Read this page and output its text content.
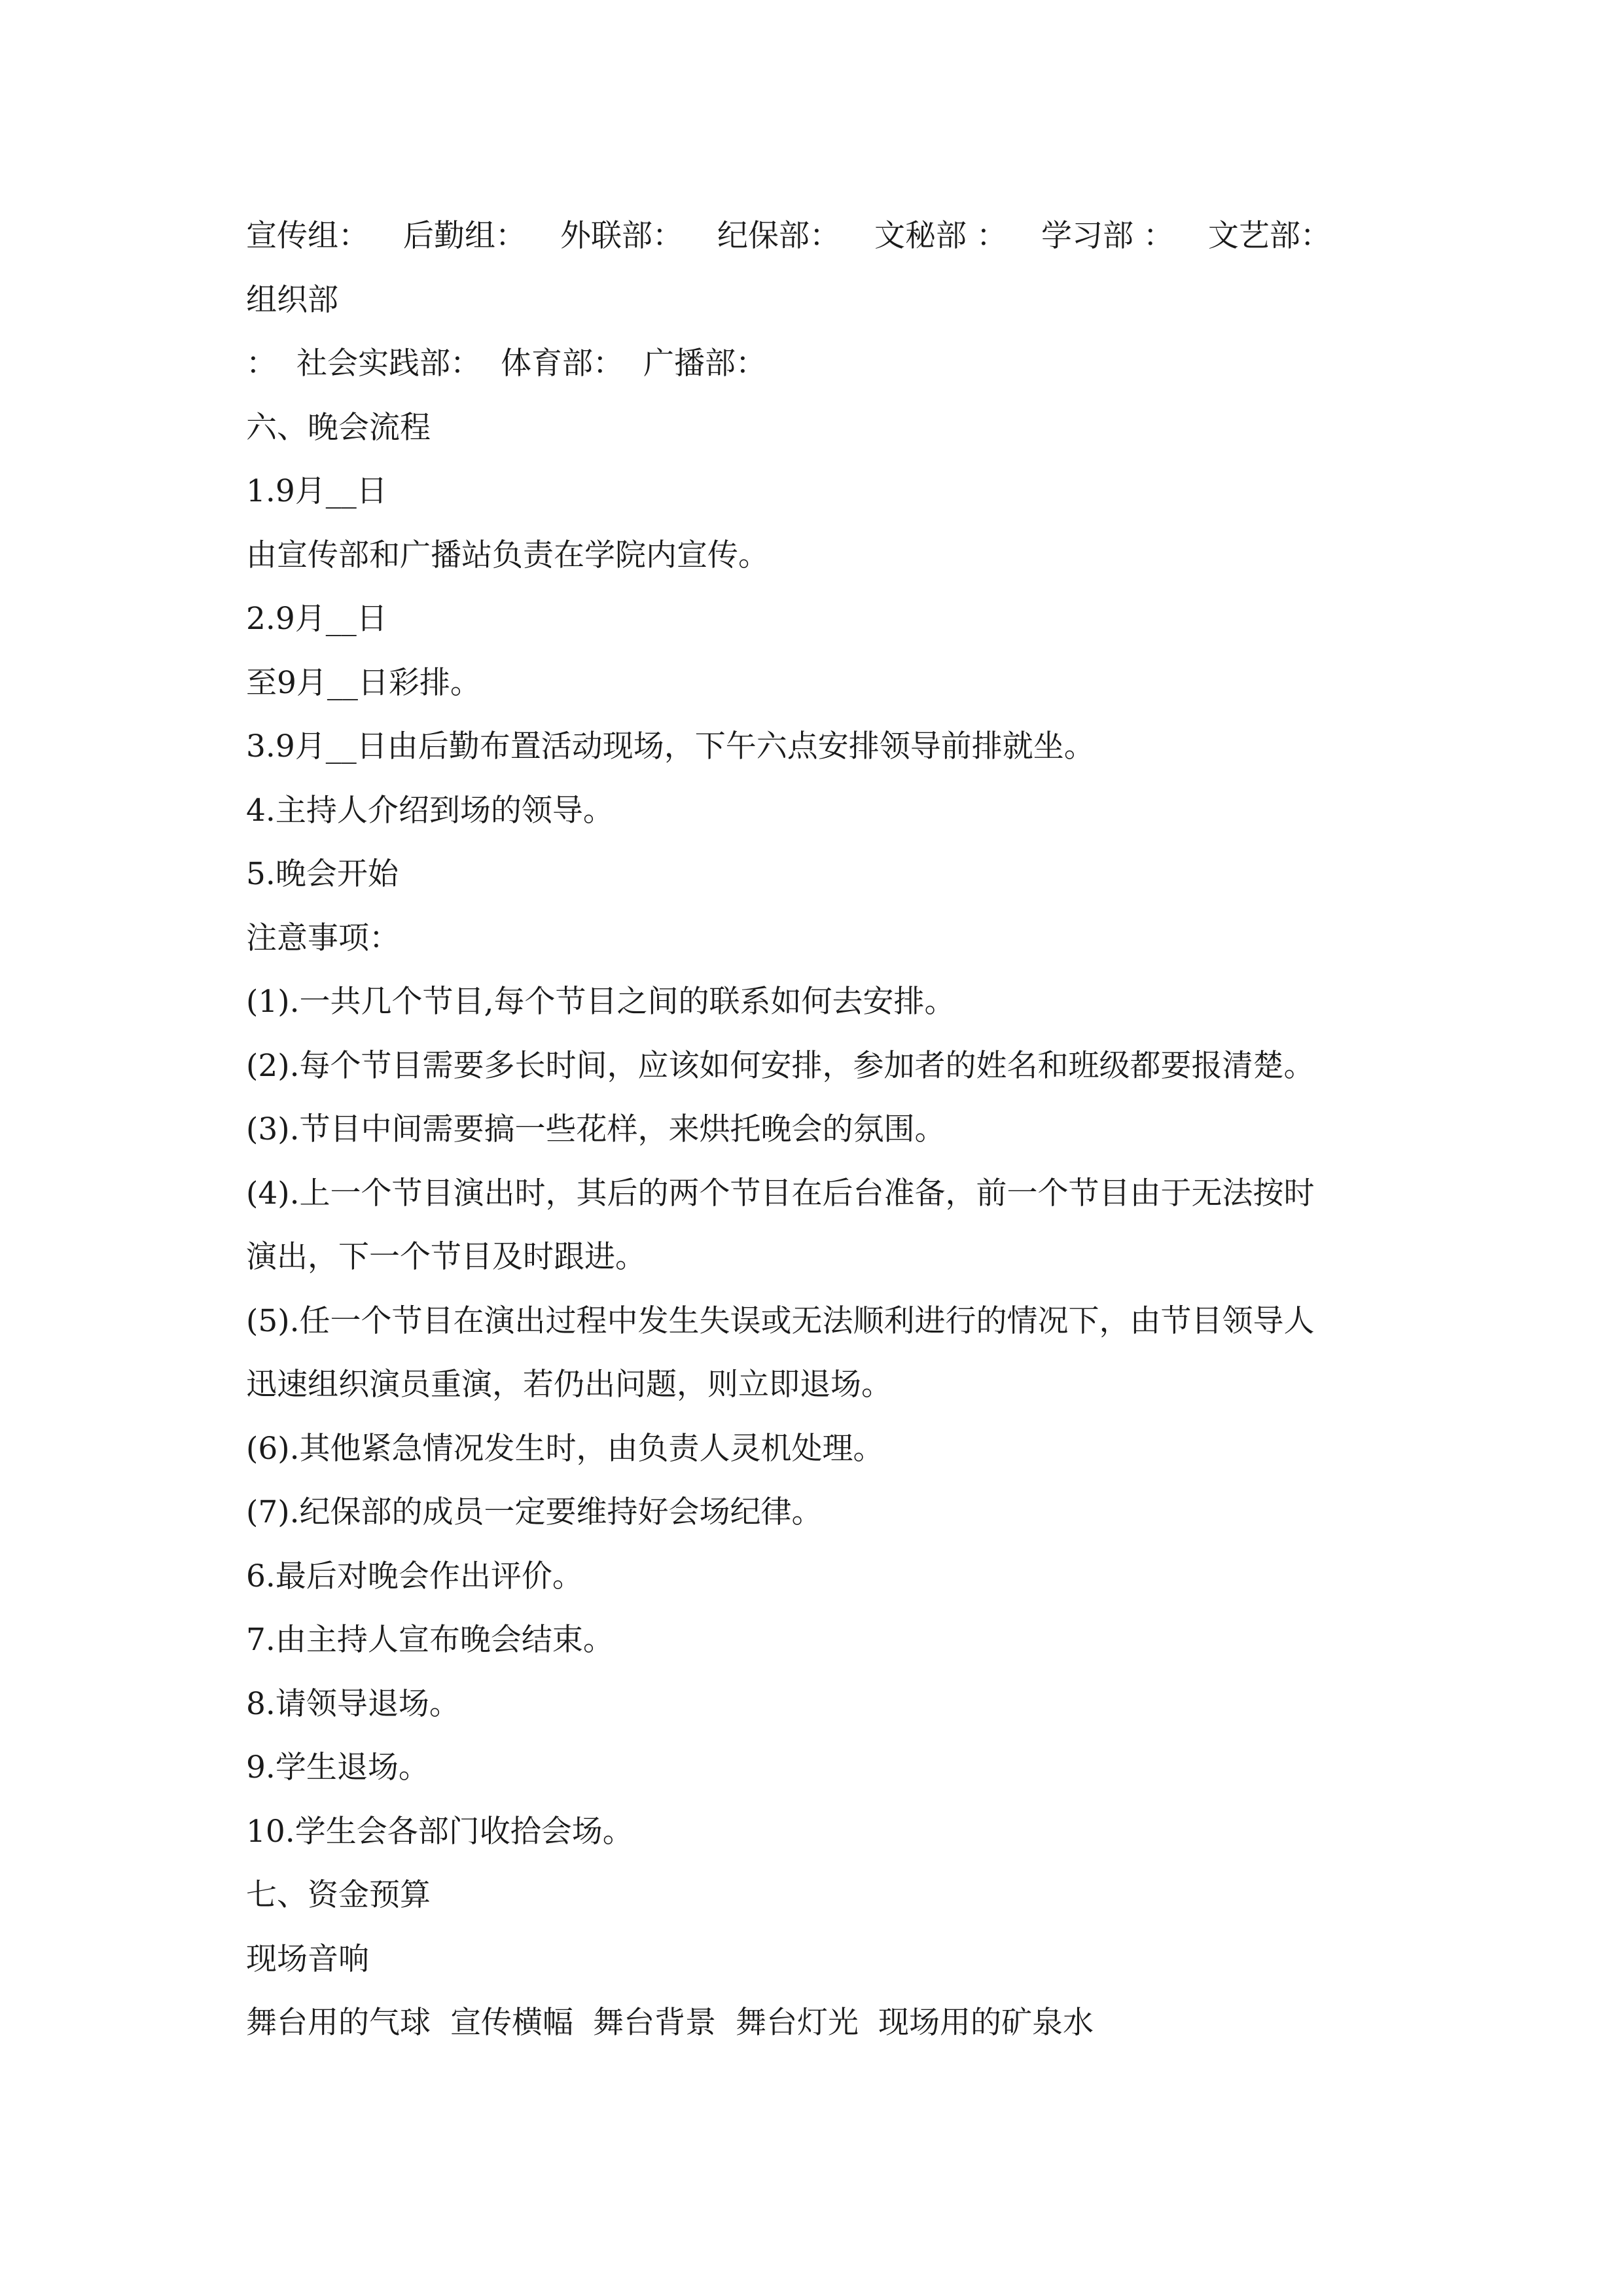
宣传组： 后勤组： 外联部： 纪保部： 文秘部 ： 学习部 ： 文艺部：
组织部
： 社会实践部： 体育部： 广播部：
六、晚会流程
1.9月__日
由宣传部和广播站负责在学院内宣传。
2.9月__日
至9月__日彩排。
3.9月__日由后勤布置活动现场，下午六点安排领导前排就坐。
4.主持人介绍到场的领导。
5.晚会开始
注意事项：
(1).一共几个节目,每个节目之间的联系如何去安排。
(2).每个节目需要多长时间，应该如何安排，参加者的姓名和班级都要报清楚。
(3).节目中间需要搞一些花样，来烘托晚会的氛围。
(4).上一个节目演出时，其后的两个节目在后台准备，前一个节目由于无法按时
演出，下一个节目及时跟进。
(5).任一个节目在演出过程中发生失误或无法顺利进行的情况下，由节目领导人
迅速组织演员重演，若仍出问题，则立即退场。
(6).其他紧急情况发生时，由负责人灵机处理。
(7).纪保部的成员一定要维持好会场纪律。
6.最后对晚会作出评价。
7.由主持人宣布晚会结束。
8.请领导退场。
9.学生退场。
10.学生会各部门收拾会场。
七、资金预算
现场音响
舞台用的气球 宣传横幅 舞台背景 舞台灯光 现场用的矿泉水
